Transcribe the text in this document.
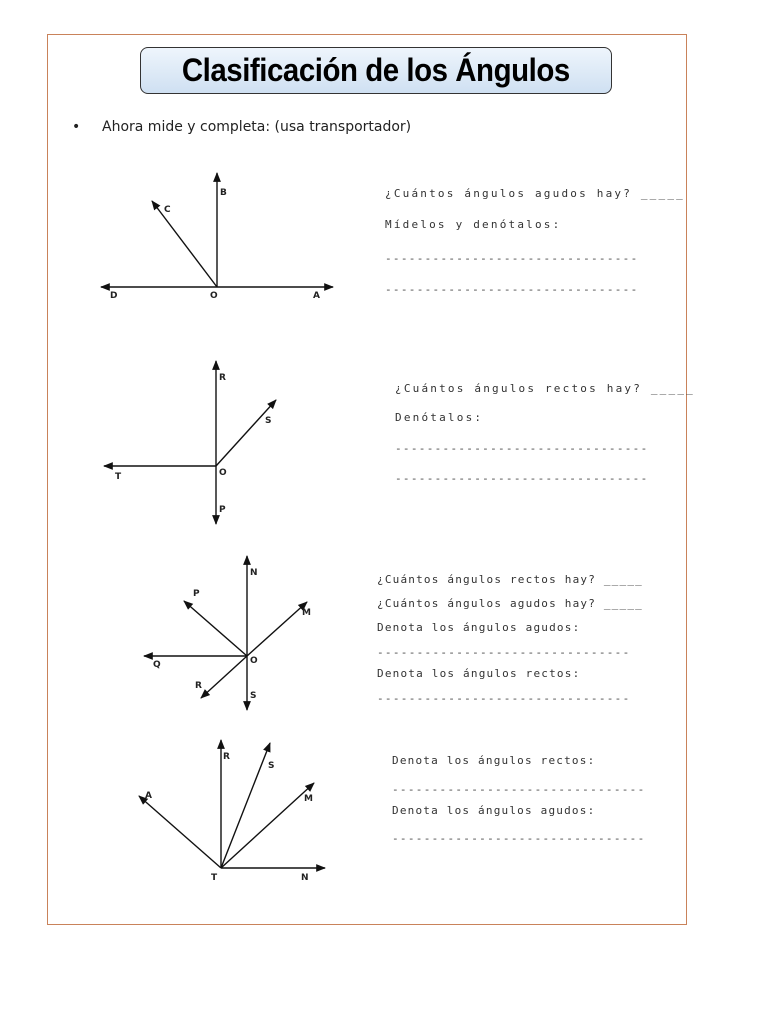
Clasificación de los Ángulos
• Ahora mide y completa: (usa transportador)
B
C
D	O	A
¿Cuántos ángulos agudos hay? _____
Mídelos y denótalos:
--------------------------------
--------------------------------
R
S
T	O
P
¿Cuántos ángulos rectos hay? _____
Denótalos:
--------------------------------
--------------------------------
N
P
M
Q	O
R
S
¿Cuántos ángulos rectos hay? _____
¿Cuántos ángulos agudos hay? _____
Denota los ángulos agudos:
--------------------------------
Denota los ángulos rectos:
--------------------------------
R
S
A	M
T	N
Denota los ángulos rectos:
--------------------------------
Denota los ángulos agudos:
--------------------------------
